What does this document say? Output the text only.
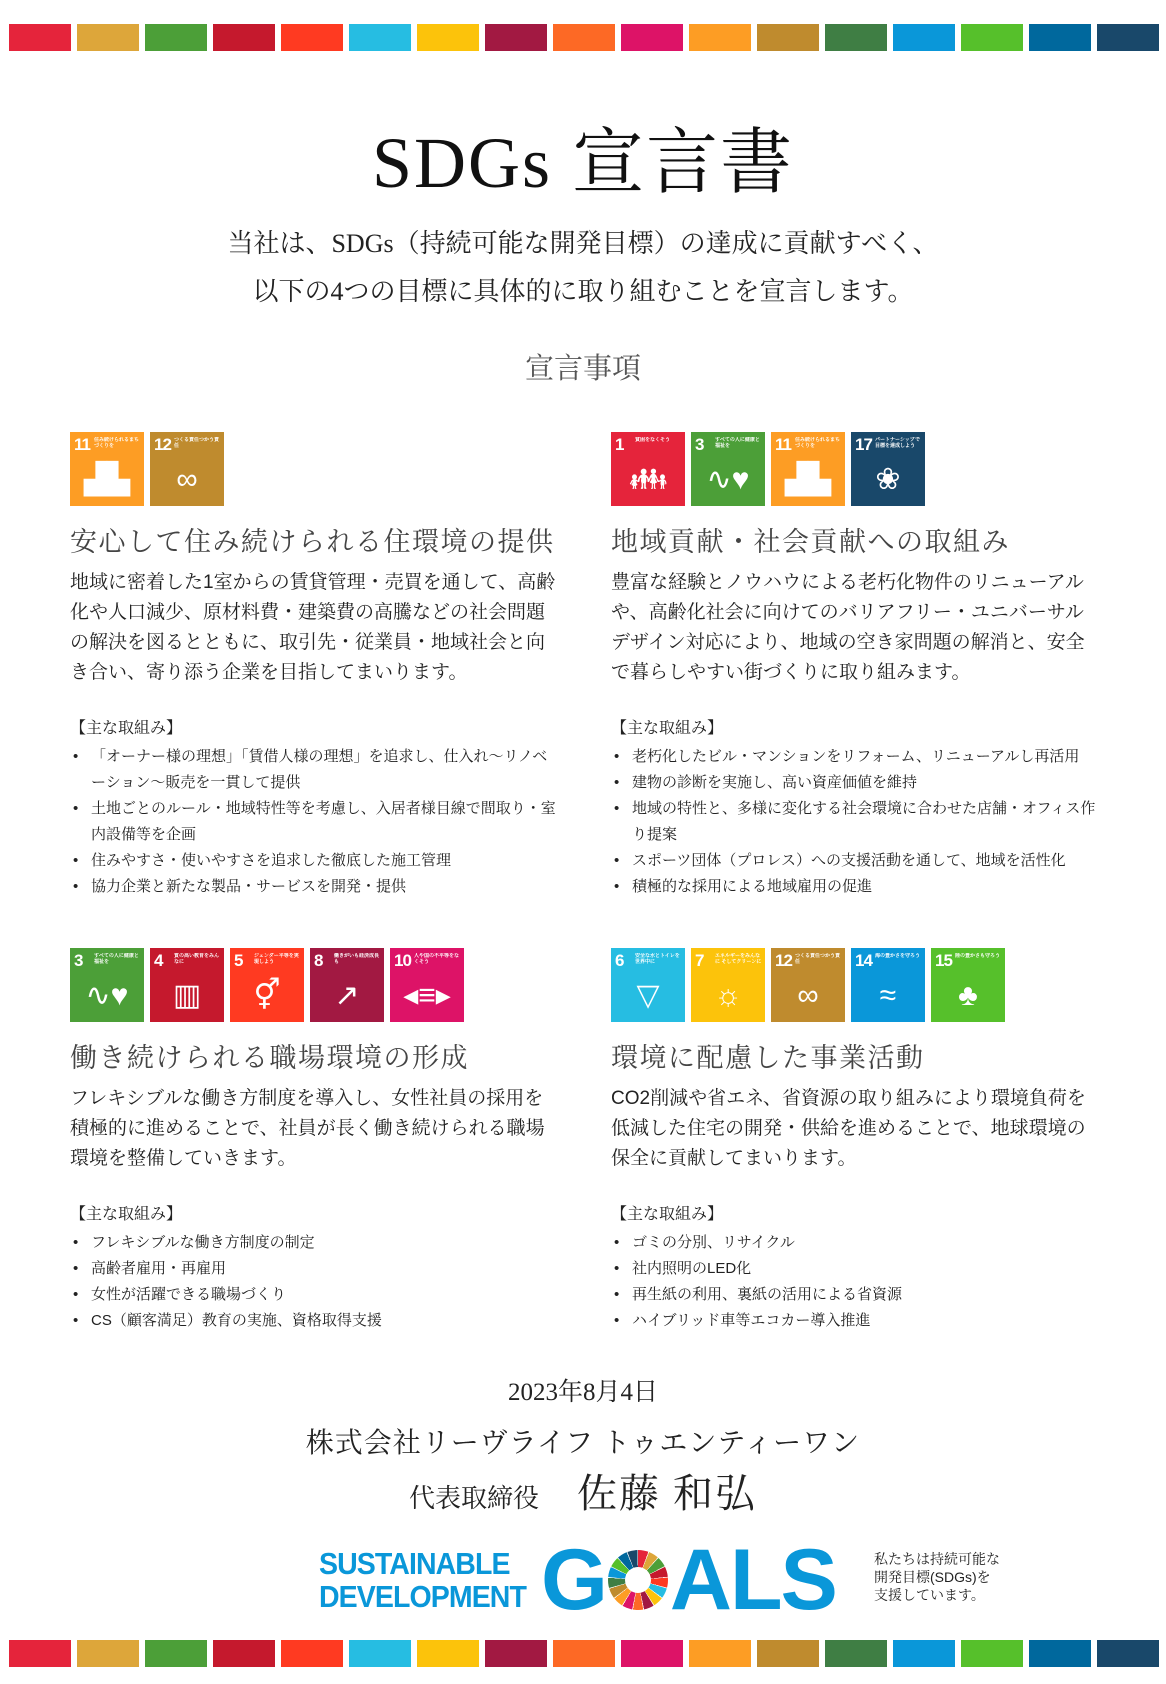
SDGs 宣言書
当社は、SDGs（持続可能な開発目標）の達成に貢献すべく、
以下の4つの目標に具体的に取り組むことを宣言します。
宣言事項
11 住み続けられるまちづくりを
▟▙
12 つくる責任つかう責任
∞
安心して住み続けられる住環境の提供
地域に密着した1室からの賃貸管理・売買を通して、高齢化や人口減少、原材料費・建築費の高騰などの社会問題の解決を図るとともに、取引先・従業員・地域社会と向き合い、寄り添う企業を目指してまいります。
【主な取組み】
• 「オーナー様の理想」「賃借人様の理想」を追求し、仕入れ〜リノベーション〜販売を一貫して提供
• 土地ごとのルール・地域特性等を考慮し、入居者様目線で間取り・室内設備等を企画
• 住みやすさ・使いやすさを追求した徹底した施工管理
• 協力企業と新たな製品・サービスを開発・提供
1 貧困をなくそう
👪︎
3 すべての人に健康と福祉を
∿♥
11 住み続けられるまちづくりを
▟▙
17 パートナーシップで目標を達成しよう
❀
地域貢献・社会貢献への取組み
豊富な経験とノウハウによる老朽化物件のリニューアルや、高齢化社会に向けてのバリアフリー・ユニバーサルデザイン対応により、地域の空き家問題の解消と、安全で暮らしやすい街づくりに取り組みます。
【主な取組み】
• 老朽化したビル・マンションをリフォーム、リニューアルし再活用
• 建物の診断を実施し、高い資産価値を維持
• 地域の特性と、多様に変化する社会環境に合わせた店舗・オフィス作り提案
• スポーツ団体（プロレス）への支援活動を通して、地域を活性化
• 積極的な採用による地域雇用の促進
3 すべての人に健康と福祉を
∿♥
4 質の高い教育をみんなに
▥
5 ジェンダー平等を実現しよう
⚥
8 働きがいも経済成長も
↗
10 人や国の不平等をなくそう
◂≡▸
働き続けられる職場環境の形成
フレキシブルな働き方制度を導入し、女性社員の採用を積極的に進めることで、社員が長く働き続けられる職場環境を整備していきます。
【主な取組み】
• フレキシブルな働き方制度の制定
• 高齢者雇用・再雇用
• 女性が活躍できる職場づくり
• CS（顧客満足）教育の実施、資格取得支援
6 安全な水とトイレを世界中に
▽
7 エネルギーをみんなに そしてクリーンに
☼
12 つくる責任つかう責任
∞
14 海の豊かさを守ろう
≈
15 陸の豊かさも守ろう
♣
環境に配慮した事業活動
CO2削減や省エネ、省資源の取り組みにより環境負荷を低減した住宅の開発・供給を進めることで、地球環境の保全に貢献してまいります。
【主な取組み】
• ゴミの分別、リサイクル
• 社内照明のLED化
• 再生紙の利用、裏紙の活用による省資源
• ハイブリッド車等エコカー導入推進
2023年8月4日
株式会社リーヴライフ トゥエンティーワン
代表取締役 佐藤 和弘
SUSTAINABLE
DEVELOPMENT G ALS	私たちは持続可能な
開発目標(SDGs)を
支援しています。
